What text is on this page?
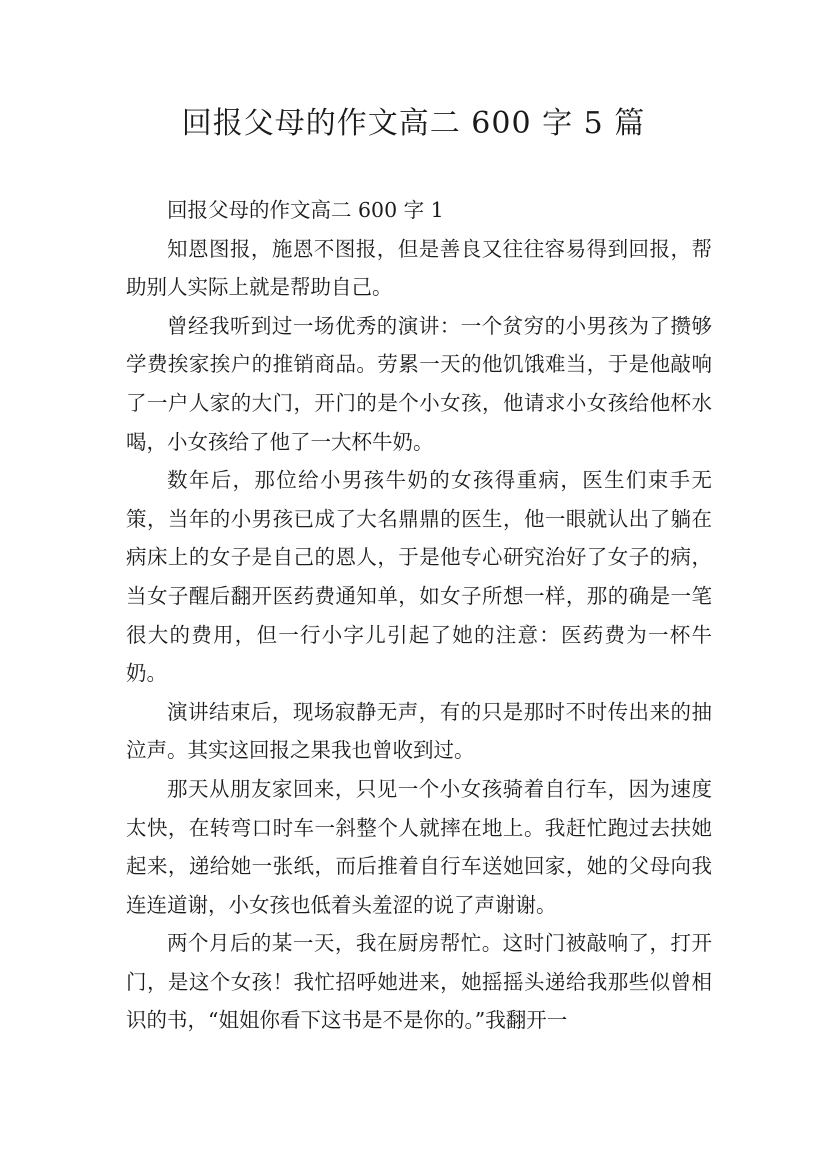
回报父母的作文高二 600 字 5 篇

回报父母的作文高二 600 字 1

知恩图报，施恩不图报，但是善良又往往容易得到回报，帮助别人实际上就是帮助自己。

曾经我听到过一场优秀的演讲：一个贫穷的小男孩为了攒够学费挨家挨户的推销商品。劳累一天的他饥饿难当，于是他敲响了一户人家的大门，开门的是个小女孩，他请求小女孩给他杯水喝，小女孩给了他了一大杯牛奶。

数年后，那位给小男孩牛奶的女孩得重病，医生们束手无策，当年的小男孩已成了大名鼎鼎的医生，他一眼就认出了躺在病床上的女子是自己的恩人，于是他专心研究治好了女子的病，当女子醒后翻开医药费通知单，如女子所想一样，那的确是一笔很大的费用，但一行小字儿引起了她的注意：医药费为一杯牛奶。

演讲结束后，现场寂静无声，有的只是那时不时传出来的抽泣声。其实这回报之果我也曾收到过。

那天从朋友家回来，只见一个小女孩骑着自行车，因为速度太快，在转弯口时车一斜整个人就摔在地上。我赶忙跑过去扶她起来，递给她一张纸，而后推着自行车送她回家，她的父母向我连连道谢，小女孩也低着头羞涩的说了声谢谢。

两个月后的某一天，我在厨房帮忙。这时门被敲响了，打开门，是这个女孩！我忙招呼她进来，她摇摇头递给我那些似曾相识的书，“姐姐你看下这书是不是你的。”我翻开一
